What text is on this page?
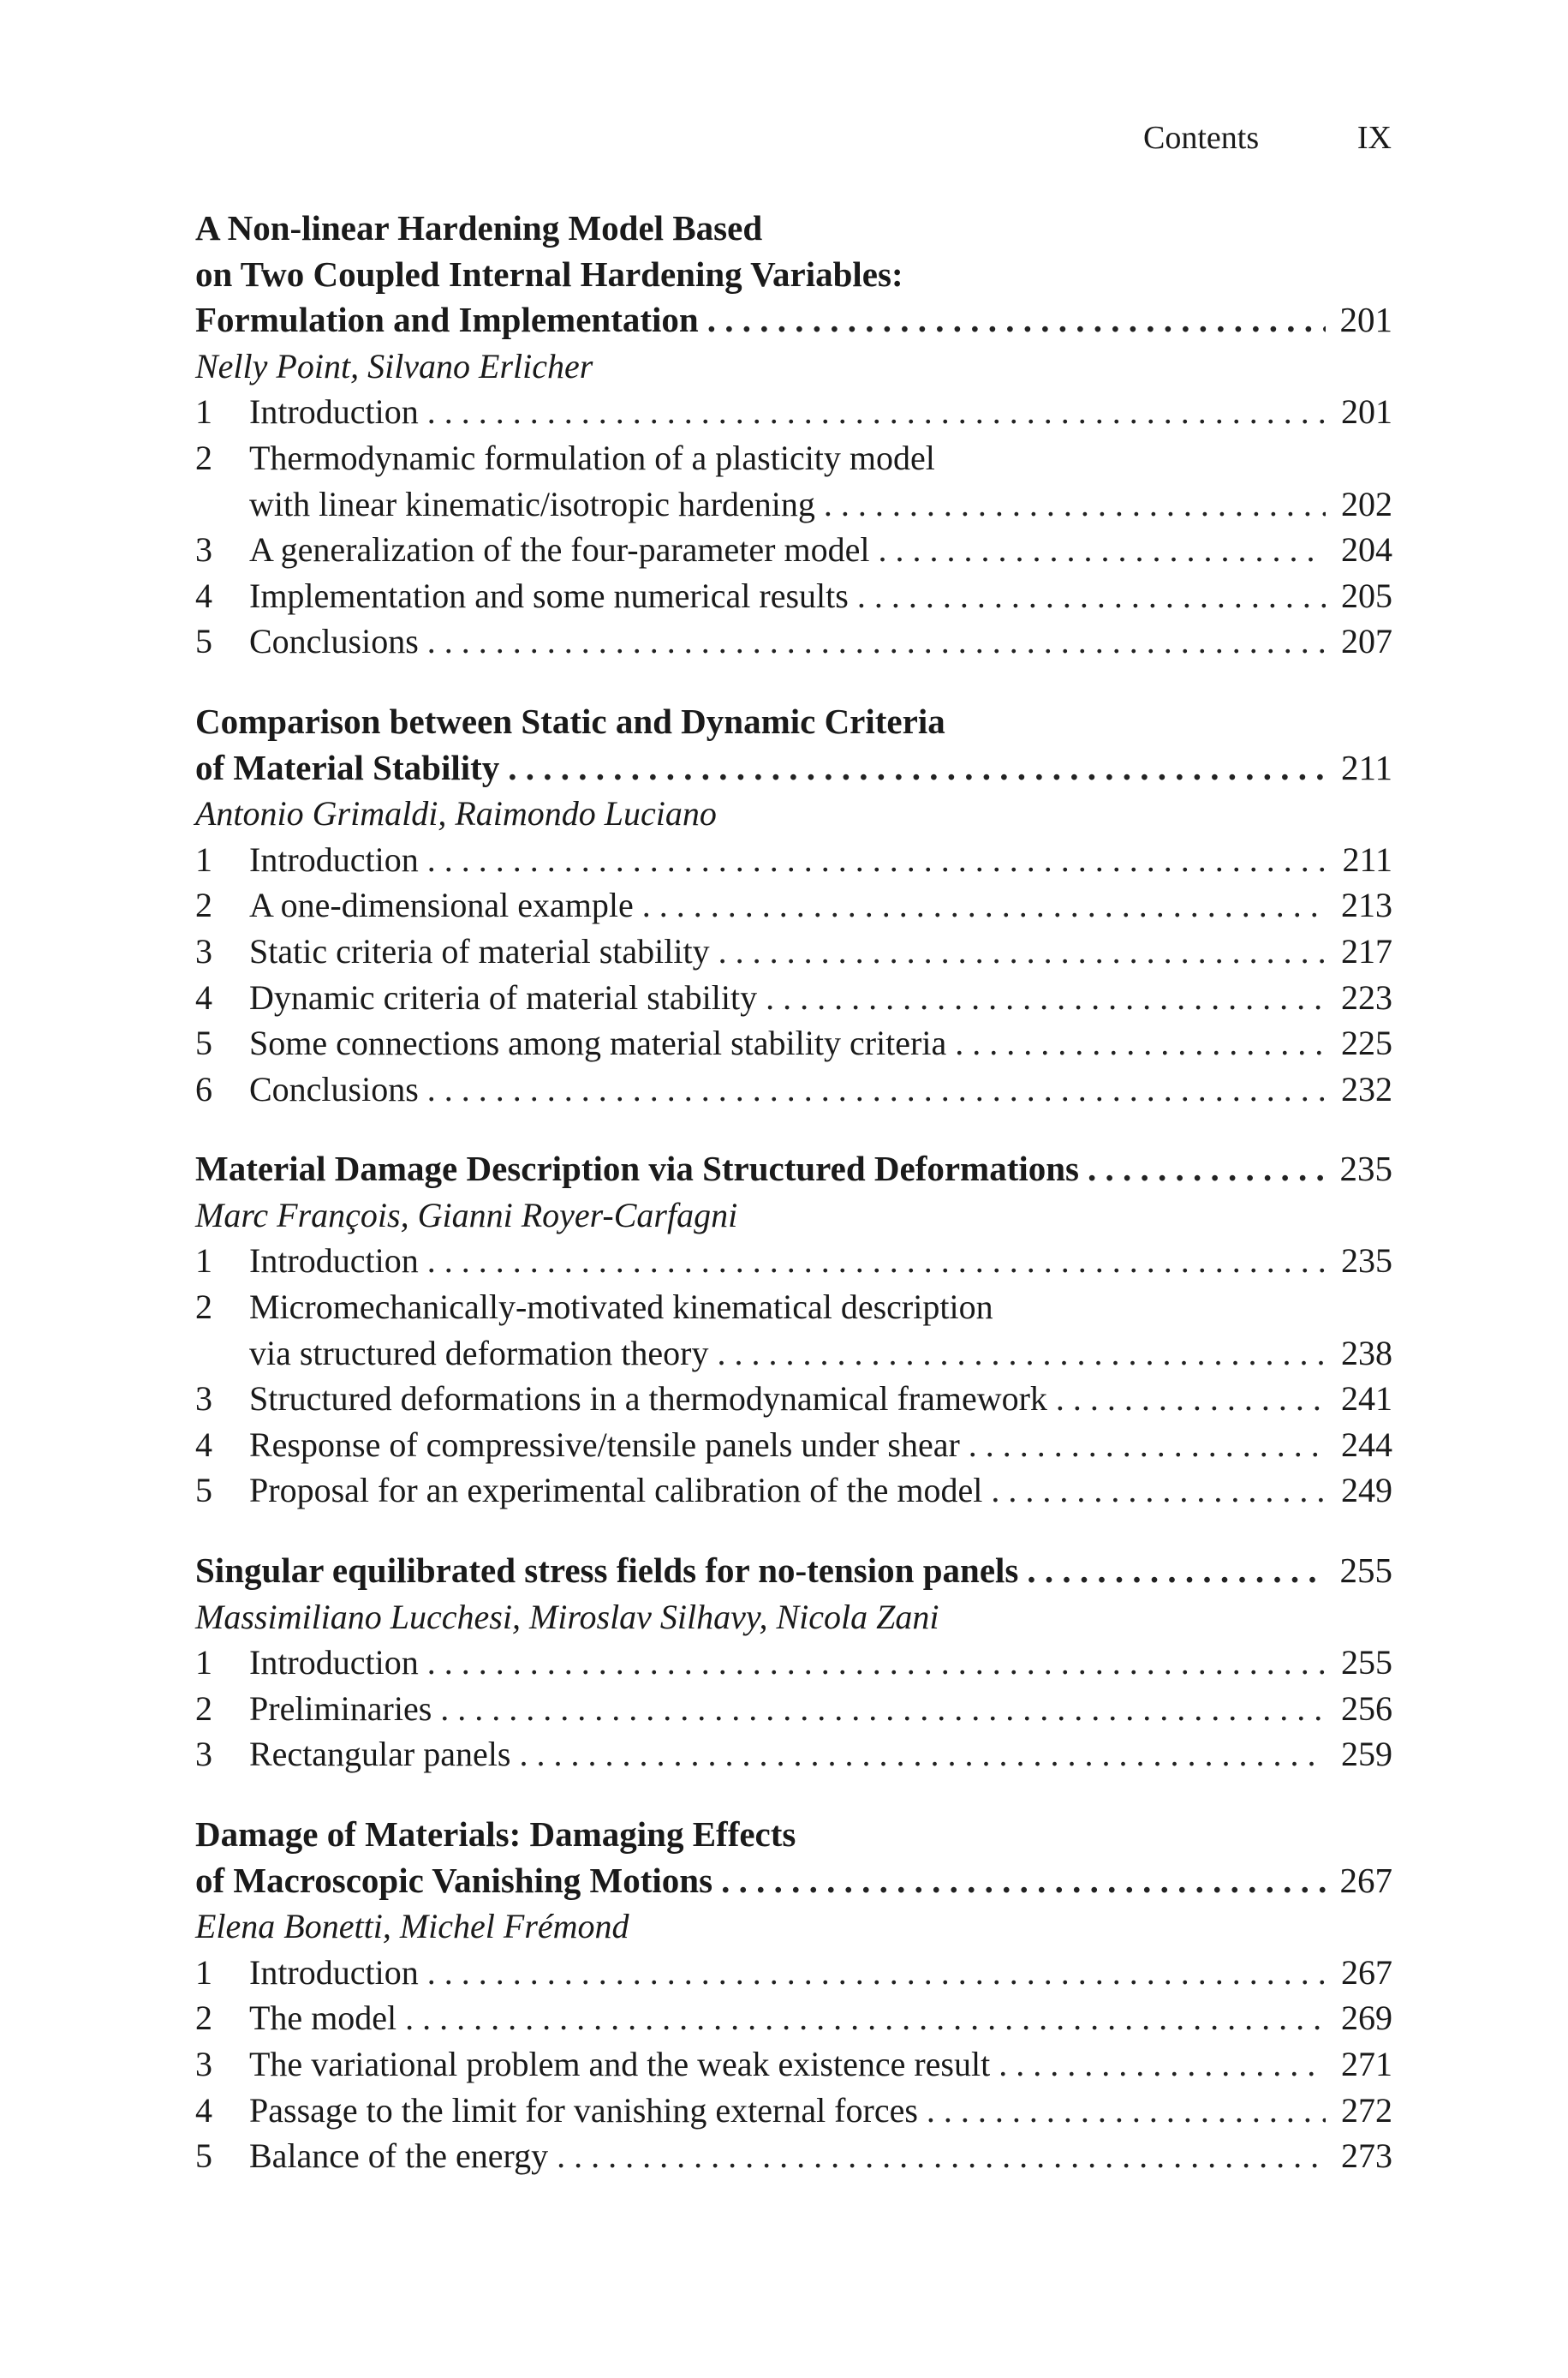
Contents	IX
A Non-linear Hardening Model Based
on Two Coupled Internal Hardening Variables:
Formulation and Implementation . . .	201
Nelly Point, Silvano Erlicher
1	Introduction . . .	201
2	Thermodynamic formulation of a plasticity model
with linear kinematic/isotropic hardening . . .	202
3	A generalization of the four-parameter model . . .	204
4	Implementation and some numerical results . . .	205
5	Conclusions . . .	207
Comparison between Static and Dynamic Criteria
of Material Stability . . .	211
Antonio Grimaldi, Raimondo Luciano
1	Introduction . . .	211
2	A one-dimensional example . . .	213
3	Static criteria of material stability . . .	217
4	Dynamic criteria of material stability . . .	223
5	Some connections among material stability criteria . . .	225
6	Conclusions . . .	232
Material Damage Description via Structured Deformations . . .	235
Marc François, Gianni Royer-Carfagni
1	Introduction . . .	235
2	Micromechanically-motivated kinematical description
via structured deformation theory . . .	238
3	Structured deformations in a thermodynamical framework . . .	241
4	Response of compressive/tensile panels under shear . . .	244
5	Proposal for an experimental calibration of the model . . .	249
Singular equilibrated stress fields for no-tension panels . . .	255
Massimiliano Lucchesi, Miroslav Silhavy, Nicola Zani
1	Introduction . . .	255
2	Preliminaries . . .	256
3	Rectangular panels . . .	259
Damage of Materials: Damaging Effects
of Macroscopic Vanishing Motions . . .	267
Elena Bonetti, Michel Frémond
1	Introduction . . .	267
2	The model . . .	269
3	The variational problem and the weak existence result . . .	271
4	Passage to the limit for vanishing external forces . . .	272
5	Balance of the energy . . .	273
